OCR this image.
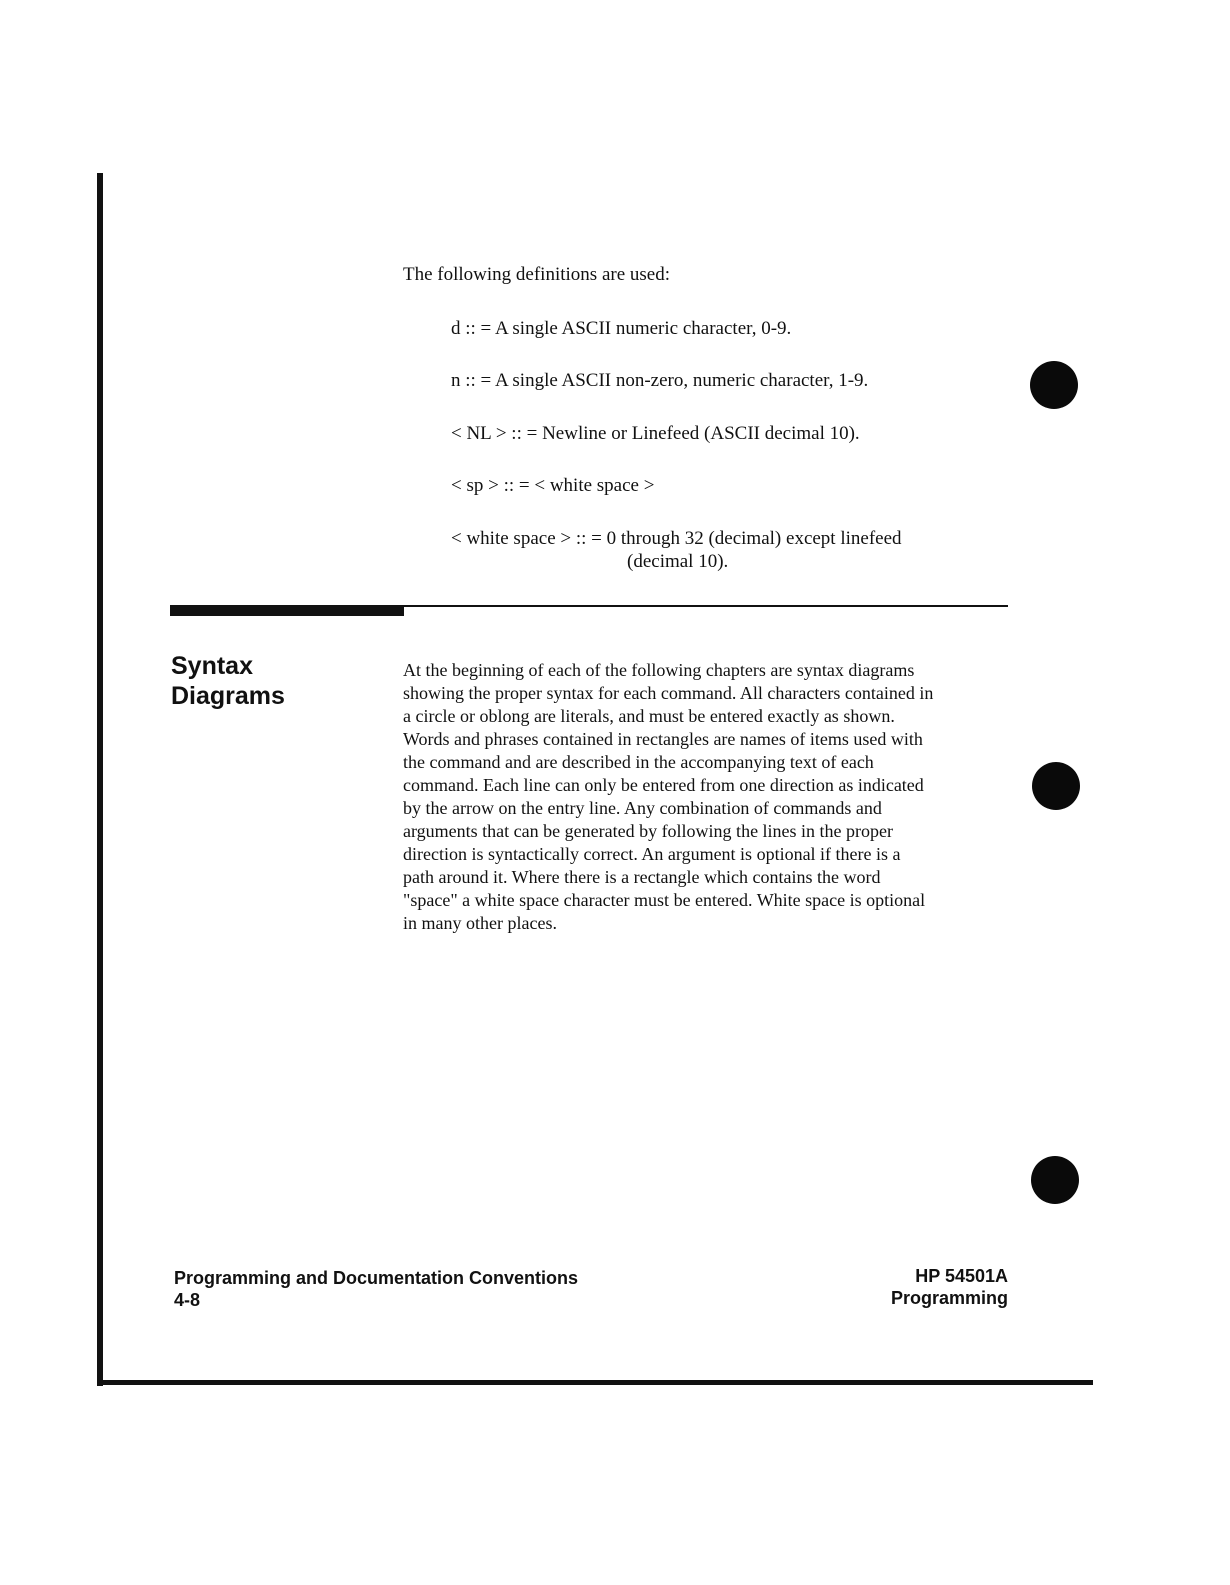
The following definitions are used:
d :: = A single ASCII numeric character, 0-9.
n :: = A single ASCII non-zero, numeric character, 1-9.
< NL > :: = Newline or Linefeed (ASCII decimal 10).
< sp > :: = < white space >
< white space > :: = 0 through 32 (decimal) except linefeed
(decimal 10).
Syntax
Diagrams
At the beginning of each of the following chapters are syntax diagrams
showing the proper syntax for each command. All characters contained in
a circle or oblong are literals, and must be entered exactly as shown.
Words and phrases contained in rectangles are names of items used with
the command and are described in the accompanying text of each
command. Each line can only be entered from one direction as indicated
by the arrow on the entry line. Any combination of commands and
arguments that can be generated by following the lines in the proper
direction is syntactically correct. An argument is optional if there is a
path around it. Where there is a rectangle which contains the word
"space" a white space character must be entered. White space is optional
in many other places.
Programming and Documentation Conventions
4-8
HP 54501A
Programming
